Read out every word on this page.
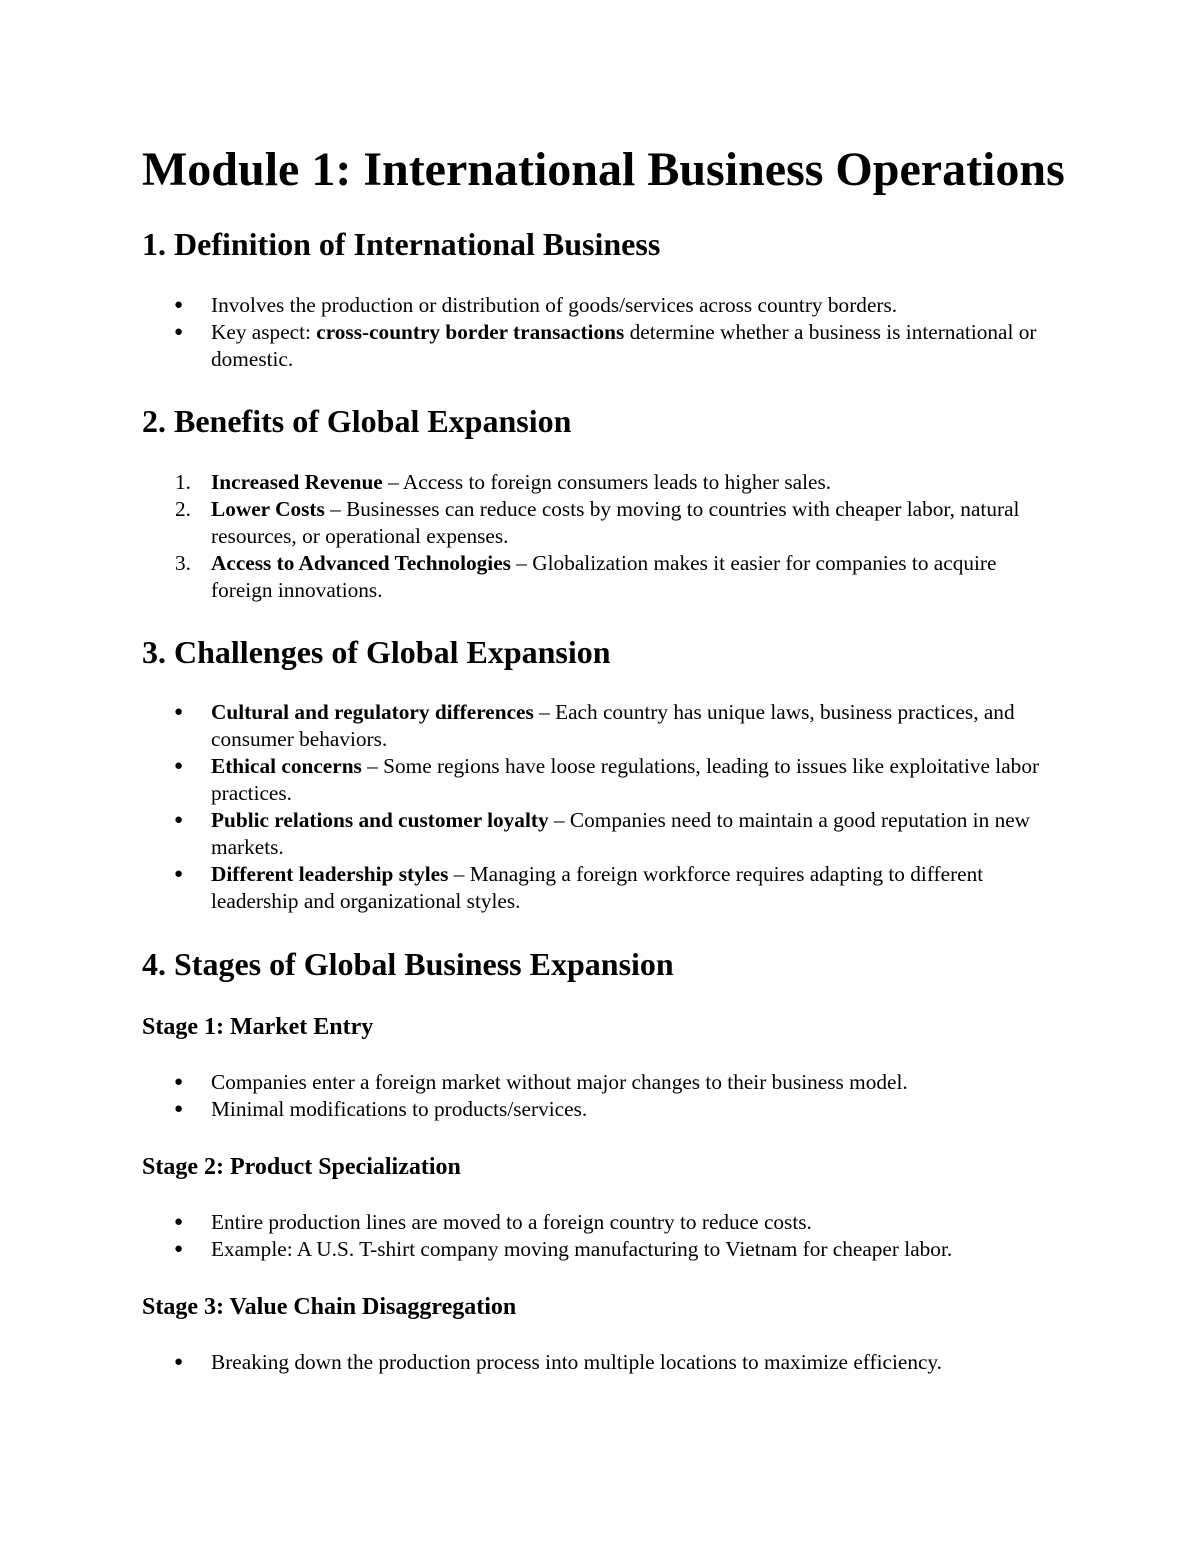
Module 1: International Business Operations
1. Definition of International Business
●	Involves the production or distribution of goods/services across country borders.
●	Key aspect: cross-country border transactions determine whether a business is international or domestic.
2. Benefits of Global Expansion
1. Increased Revenue – Access to foreign consumers leads to higher sales.
2. Lower Costs – Businesses can reduce costs by moving to countries with cheaper labor, natural resources, or operational expenses.
3. Access to Advanced Technologies – Globalization makes it easier for companies to acquire foreign innovations.
3. Challenges of Global Expansion
●	Cultural and regulatory differences – Each country has unique laws, business practices, and consumer behaviors.
●	Ethical concerns – Some regions have loose regulations, leading to issues like exploitative labor practices.
●	Public relations and customer loyalty – Companies need to maintain a good reputation in new markets.
●	Different leadership styles – Managing a foreign workforce requires adapting to different leadership and organizational styles.
4. Stages of Global Business Expansion
Stage 1: Market Entry
●	Companies enter a foreign market without major changes to their business model.
●	Minimal modifications to products/services.
Stage 2: Product Specialization
●	Entire production lines are moved to a foreign country to reduce costs.
●	Example: A U.S. T-shirt company moving manufacturing to Vietnam for cheaper labor.
Stage 3: Value Chain Disaggregation
●	Breaking down the production process into multiple locations to maximize efficiency.
